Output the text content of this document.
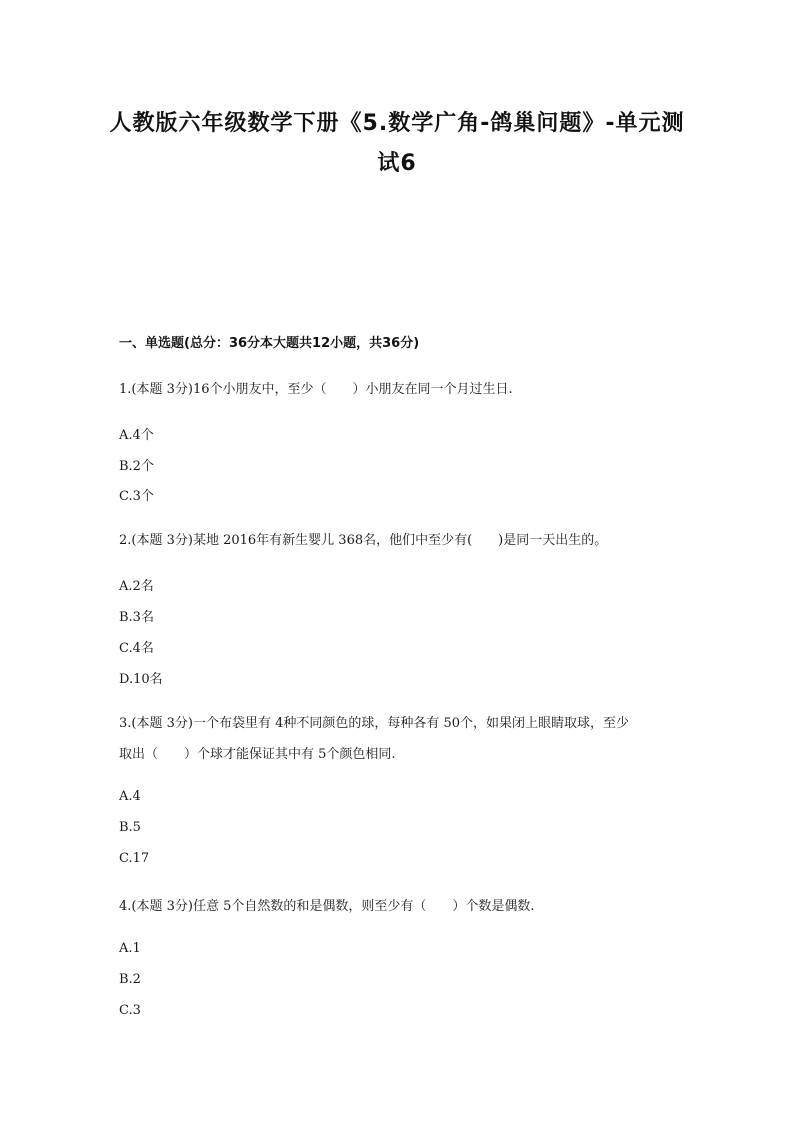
人教版六年级数学下册《5.数学广角-鸽巢问题》-单元测
试6
一、单选题(总分：36分本大题共12小题，共36分)
1.(本题 3分)16个小朋友中，至少（　　）小朋友在同一个月过生日.
A.4个
B.2个
C.3个
2.(本题 3分)某地 2016年有新生婴儿 368名，他们中至少有(　　)是同一天出生的。
A.2名
B.3名
C.4名
D.10名
3.(本题 3分)一个布袋里有 4种不同颜色的球，每种各有 50个，如果闭上眼睛取球，至少
取出（　　）个球才能保证其中有 5个颜色相同.
A.4
B.5
C.17
4.(本题 3分)任意 5个自然数的和是偶数，则至少有（　　）个数是偶数.
A.1
B.2
C.3
